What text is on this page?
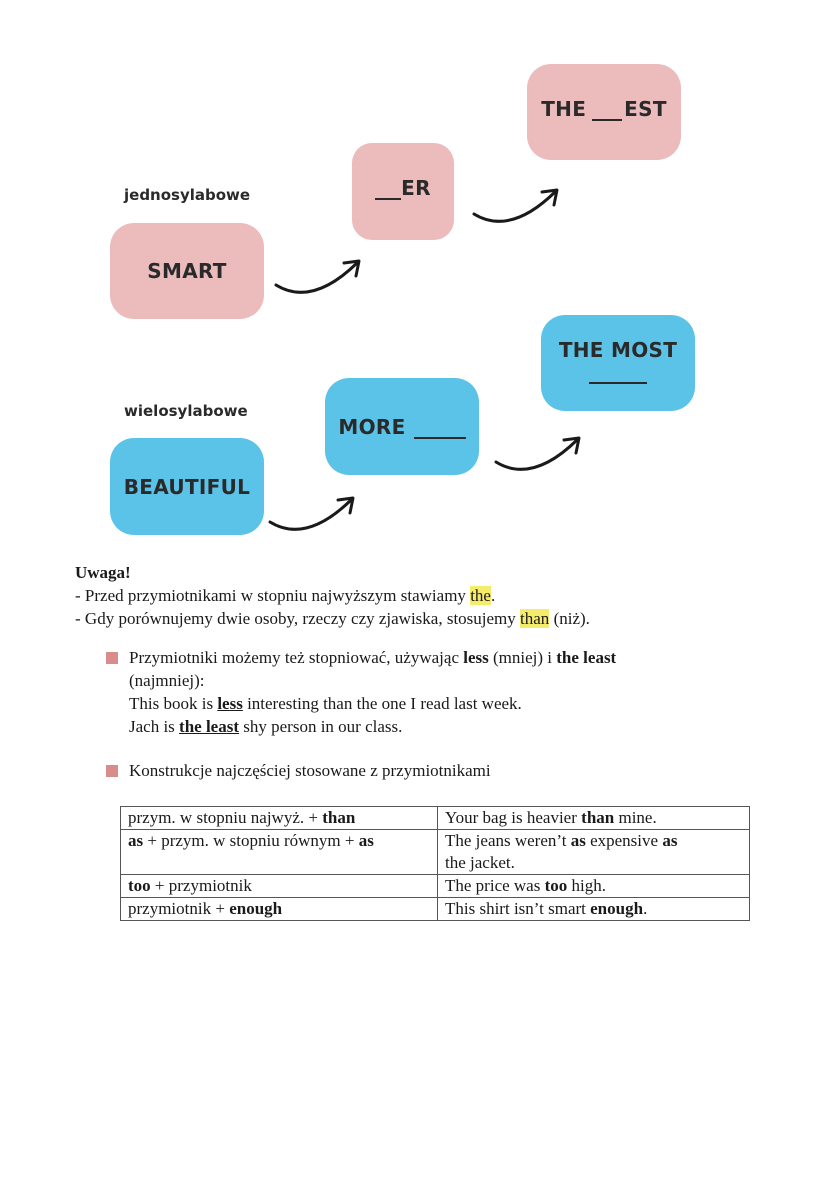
jednosylabowe
SMART
ER
THE EST
wielosylabowe
BEAUTIFUL
MORE
THE MOST
Uwaga!
- Przed przymiotnikami w stopniu najwyższym stawiamy the.
- Gdy porównujemy dwie osoby, rzeczy czy zjawiska, stosujemy than (niż).
Przymiotniki możemy też stopniować, używając less (mniej) i the least
(najmniej):
This book is less interesting than the one I read last week.
Jach is the least shy person in our class.
Konstrukcje najczęściej stosowane z przymiotnikami
przym. w stopniu najwyż. + than	Your bag is heavier than mine.
as + przym. w stopniu równym + as	The jeans weren’t as expensive as
the jacket.
too + przymiotnik	The price was too high.
przymiotnik + enough	This shirt isn’t smart enough.
